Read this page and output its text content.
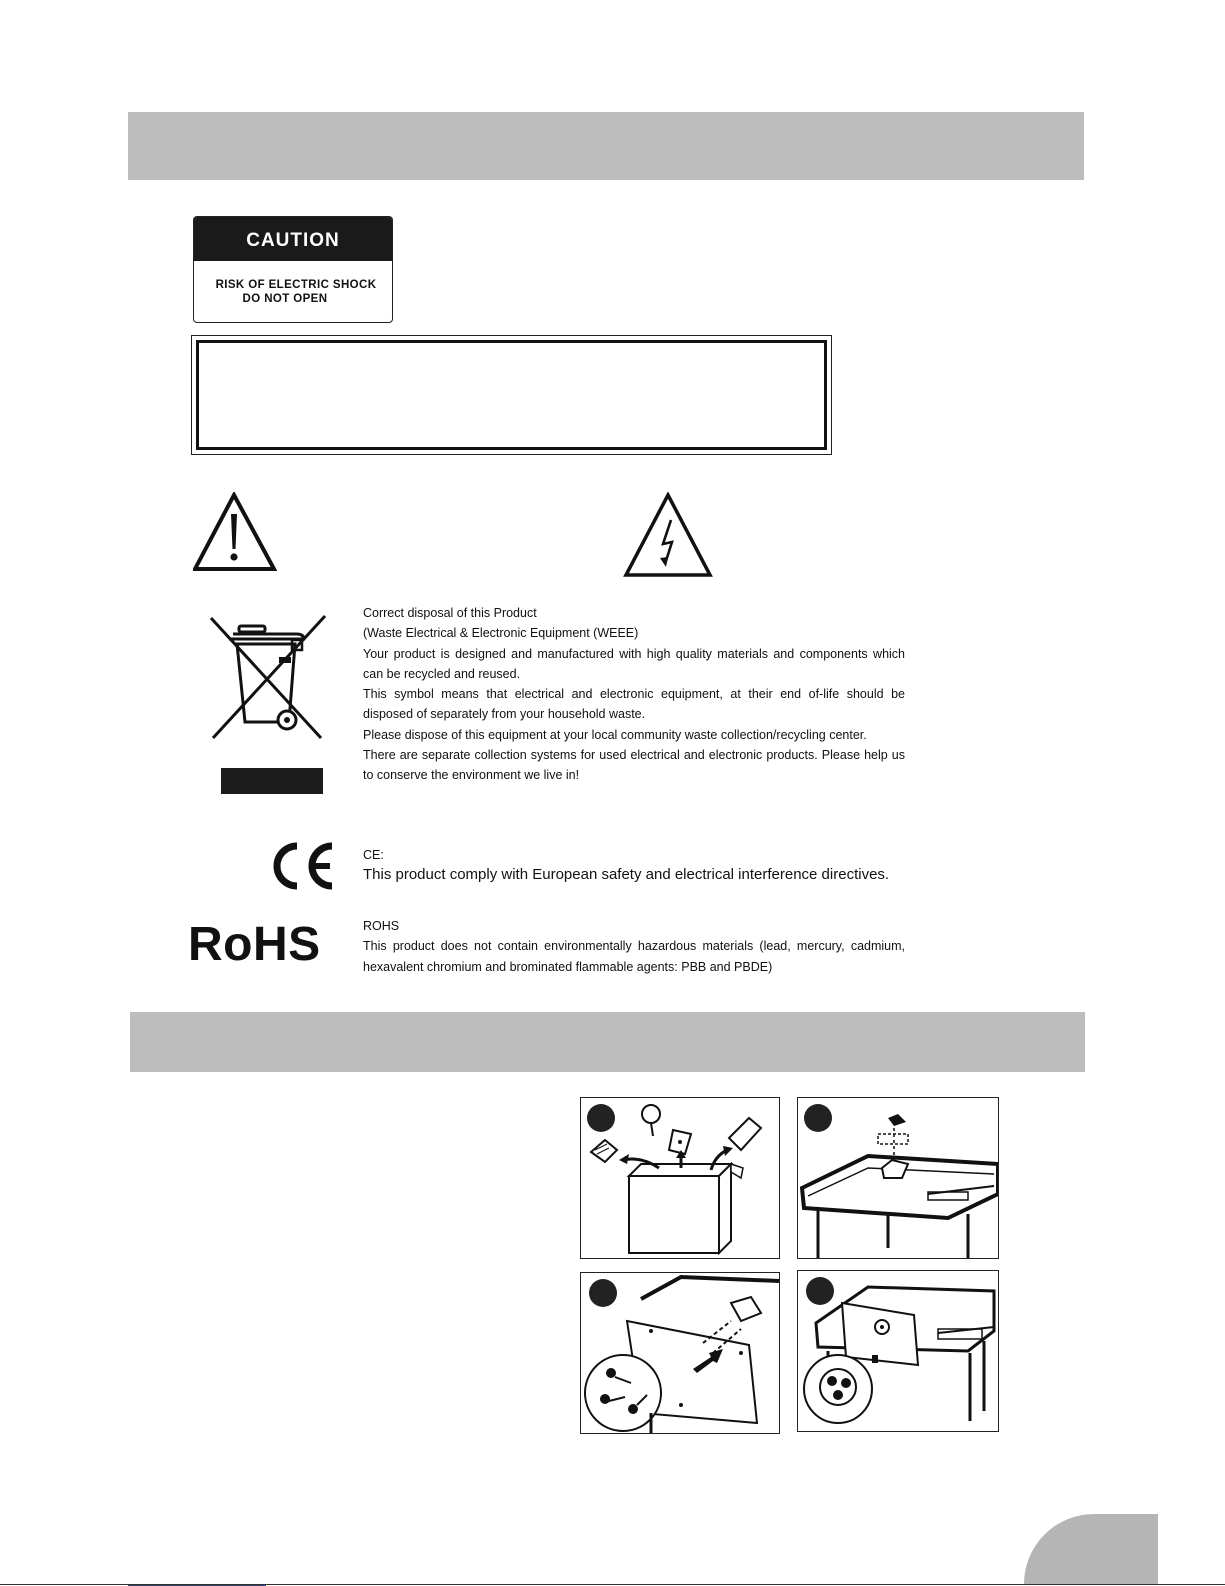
CAUTION
RISK OF ELECTRIC SHOCK
DO NOT OPEN

Correct disposal of this Product

(Waste Electrical & Electronic Equipment (WEEE)

Your product is designed and manufactured with high quality materials and components which can be recycled and reused.

This symbol means that electrical and electronic equipment, at their end of-life should be disposed of separately from your household waste.

Please dispose of this equipment at your local community waste collection/recycling center.

There are separate collection systems for used electrical and electronic products. Please help us to conserve the environment we live in!

CE:

This product comply with European safety and electrical interference directives.

RoHS	ROHS

This product does not contain environmentally hazardous materials (lead, mercury, cadmium, hexavalent chromium and brominated flammable agents: PBB and PBDE)
